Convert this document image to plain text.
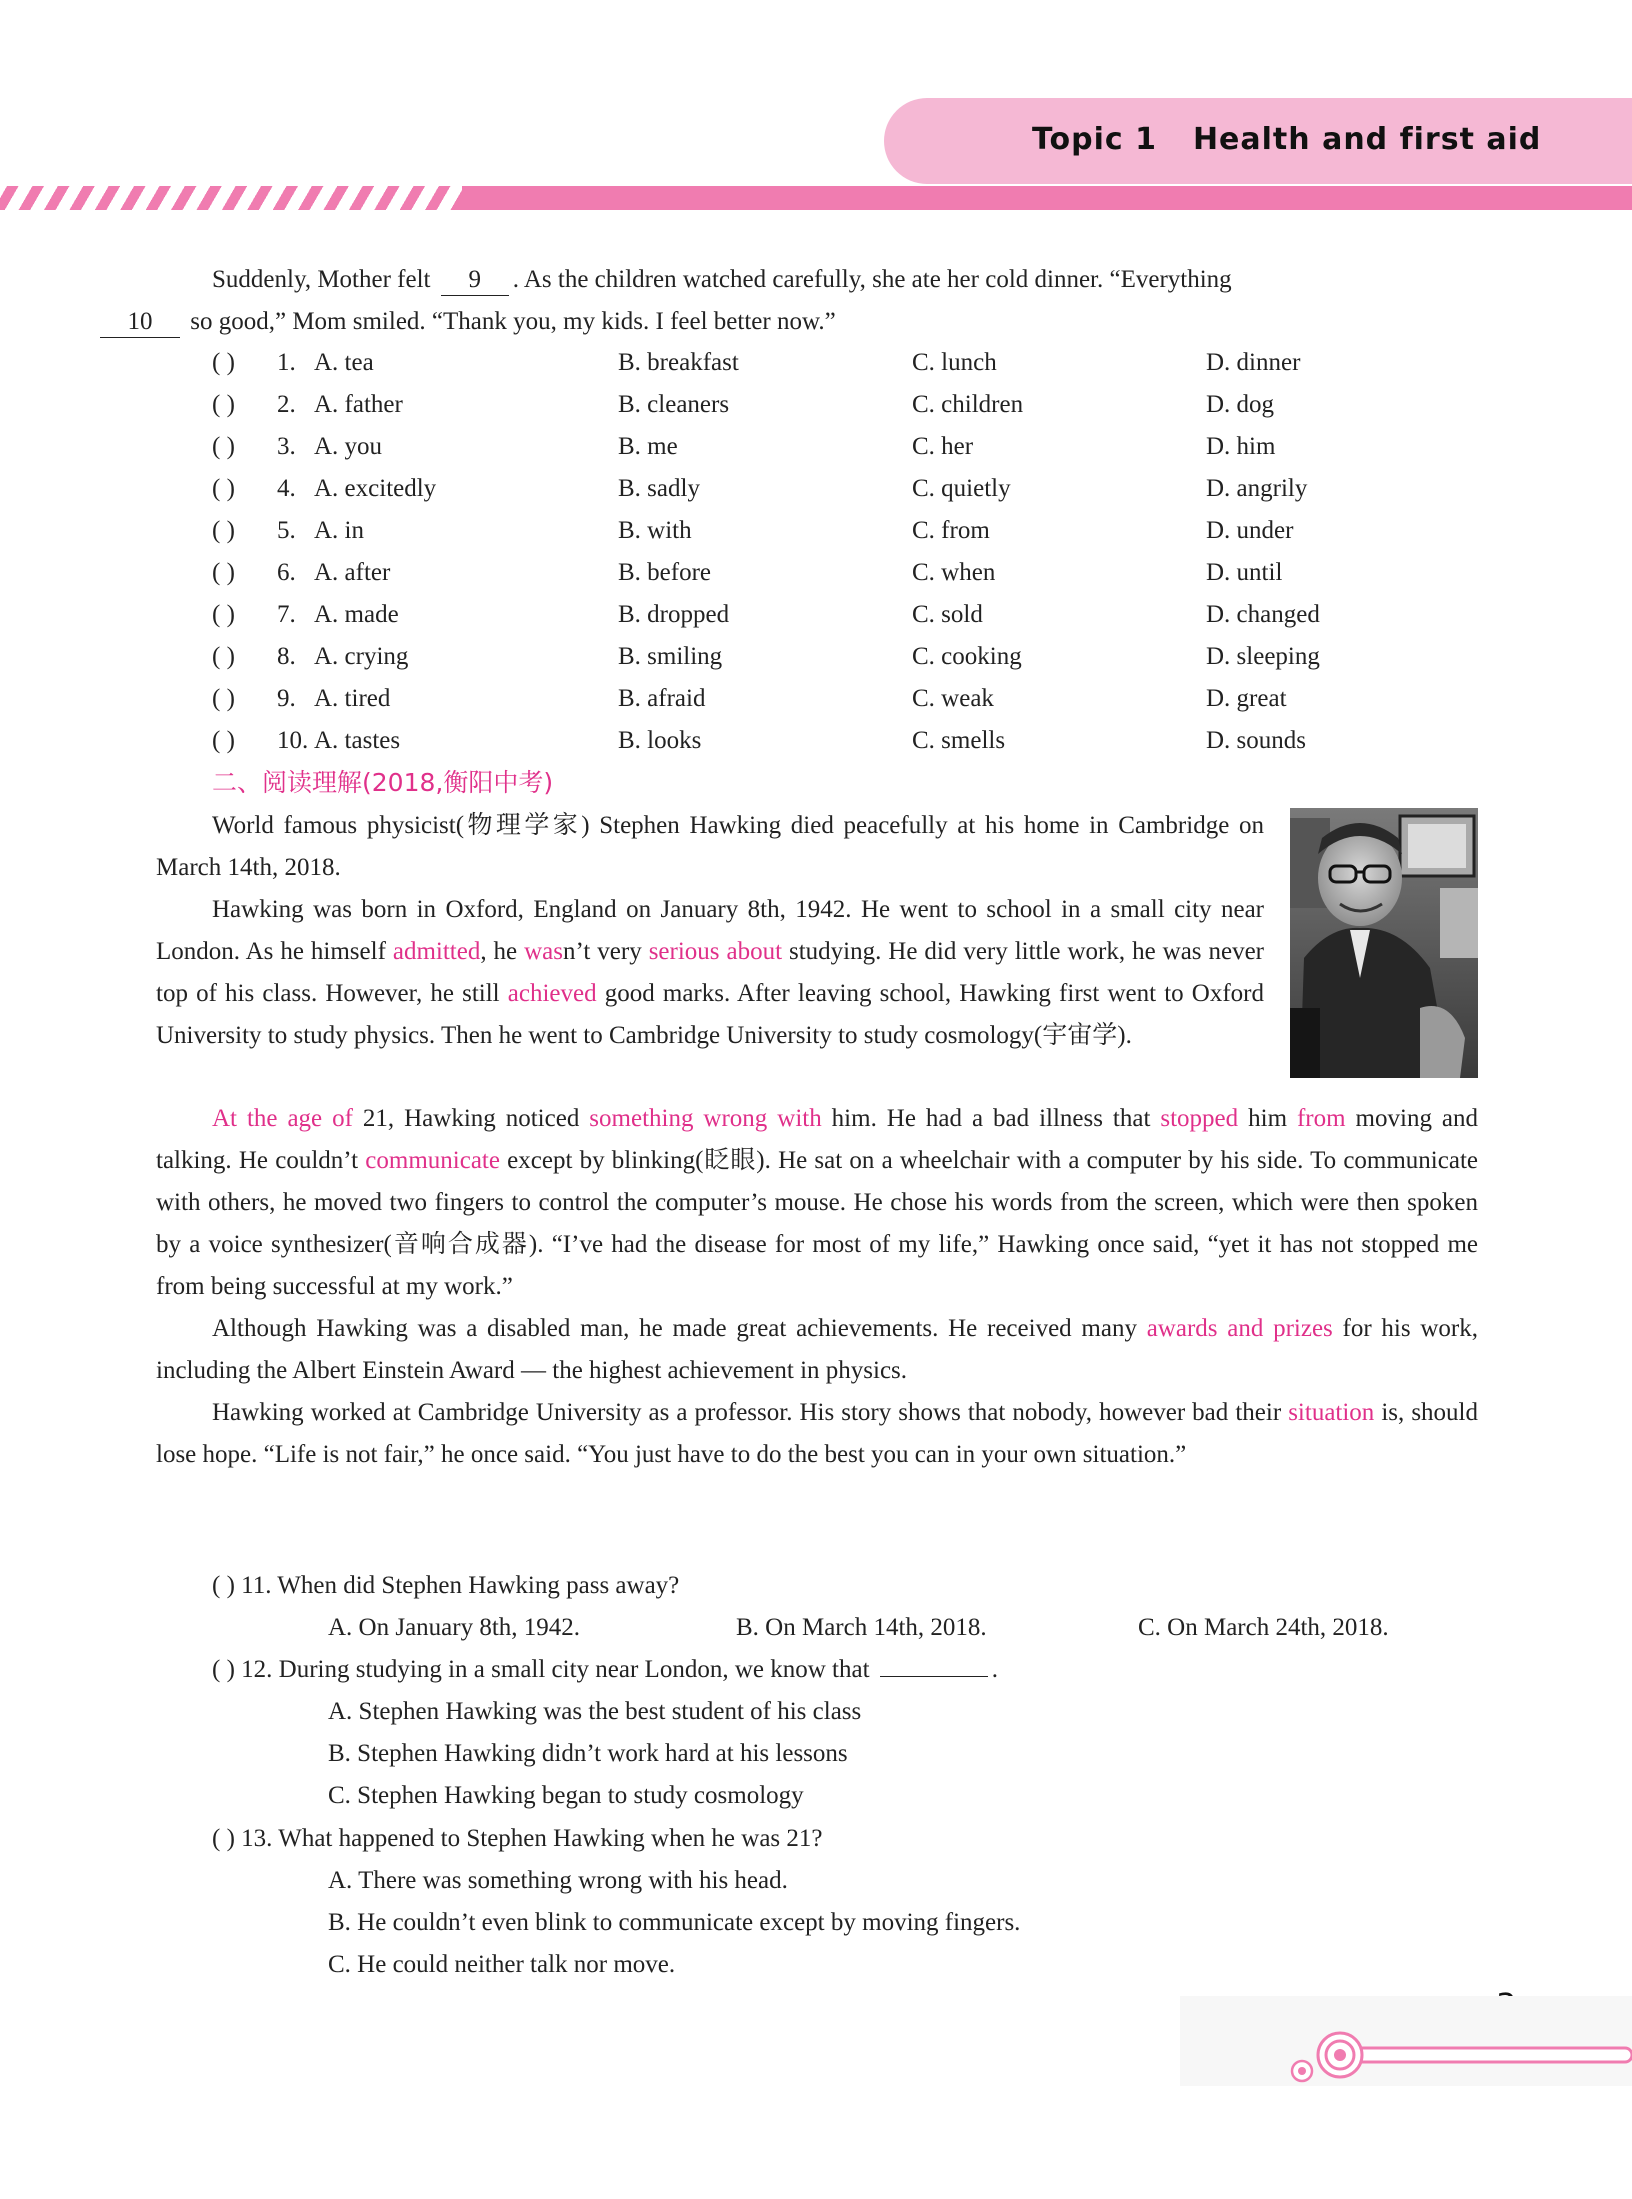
Topic 1 Health and first aid

Suddenly, Mother felt 9 . As the children watched carefully, she ate her cold dinner. “Everything
10 so good,” Mom smiled. “Thank you, my kids. I feel better now.”

( ) 1. A. tea	B. breakfast	C. lunch	D. dinner
( ) 2. A. father	B. cleaners	C. children	D. dog
( ) 3. A. you	B. me	C. her	D. him
( ) 4. A. excitedly	B. sadly	C. quietly	D. angrily
( ) 5. A. in	B. with	C. from	D. under
( ) 6. A. after	B. before	C. when	D. until
( ) 7. A. made	B. dropped	C. sold	D. changed
( ) 8. A. crying	B. smiling	C. cooking	D. sleeping
( ) 9. A. tired	B. afraid	C. weak	D. great
( ) 10. A. tastes	B. looks	C. smells	D. sounds
二、阅读理解(2018,衡阳中考)

World famous physicist(物理学家) Stephen Hawking died peacefully at his home in Cambridge on March 14th, 2018.

Hawking was born in Oxford, England on January 8th, 1942. He went to school in a small city near London. As he himself admitted, he wasn’t very serious about studying. He did very little work, he was never top of his class. However, he still achieved good marks. After leaving school, Hawking first went to Oxford University to study physics. Then he went to Cambridge University to study cosmology(宇宙学).

At the age of 21, Hawking noticed something wrong with him. He had a bad illness that stopped him from moving and talking. He couldn’t communicate except by blinking(眨眼). He sat on a wheelchair with a computer by his side. To communicate with others, he moved two fingers to control the computer’s mouse. He chose his words from the screen, which were then spoken by a voice synthesizer(音响合成器). “I’ve had the disease for most of my life,” Hawking once said, “yet it has not stopped me from being successful at my work.”

Although Hawking was a disabled man, he made great achievements. He received many awards and prizes for his work, including the Albert Einstein Award — the highest achievement in physics.

Hawking worked at Cambridge University as a professor. His story shows that nobody, however bad their situation is, should lose hope. “Life is not fair,” he once said. “You just have to do the best you can in your own situation.”

( ) 11. When did Stephen Hawking pass away?
A. On January 8th, 1942.	B. On March 14th, 2018.	C. On March 24th, 2018.
( ) 12. During studying in a small city near London, we know that	.
A. Stephen Hawking was the best student of his class
B. Stephen Hawking didn’t work hard at his lessons
C. Stephen Hawking began to study cosmology
( ) 13. What happened to Stephen Hawking when he was 21?
A. There was something wrong with his head.
B. He couldn’t even blink to communicate except by moving fingers.
C. He could neither talk nor move.
